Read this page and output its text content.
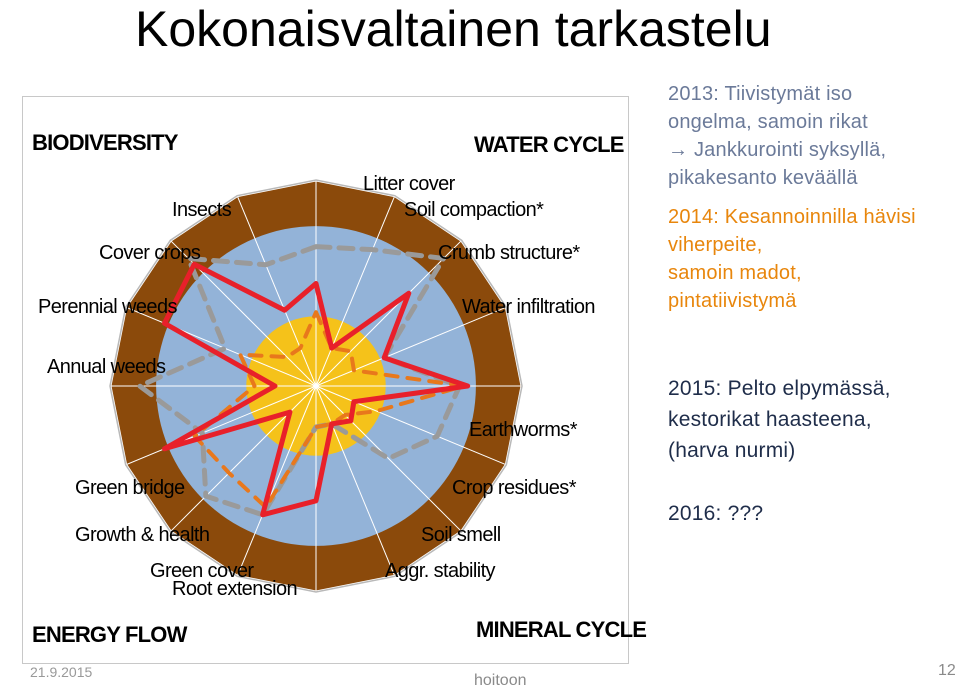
Kokonaisvaltainen tarkastelu
BIODIVERSITY	WATER CYCLE
ENERGY FLOW	MINERAL CYCLE
Litter cover
Soil compaction*
Crumb structure*
Water infiltration
Earthworms*
Crop residues*
Soil smell
Aggr. stability
Root extension
Green cover
Growth & health
Green bridge
Annual weeds
Perennial weeds
Cover crops
Insects
2013: Tiivistymät iso
ongelma, samoin rikat
→ Jankkurointi syksyllä,
pikakesanto keväällä
2014: Kesannoinnilla hävisi
viherpeite,
samoin madot,
pintatiivistymä
2015: Pelto elpymässä,
kestorikat haasteena,
(harva nurmi)
2016: ???
21.9.2015	hoitoon
12
